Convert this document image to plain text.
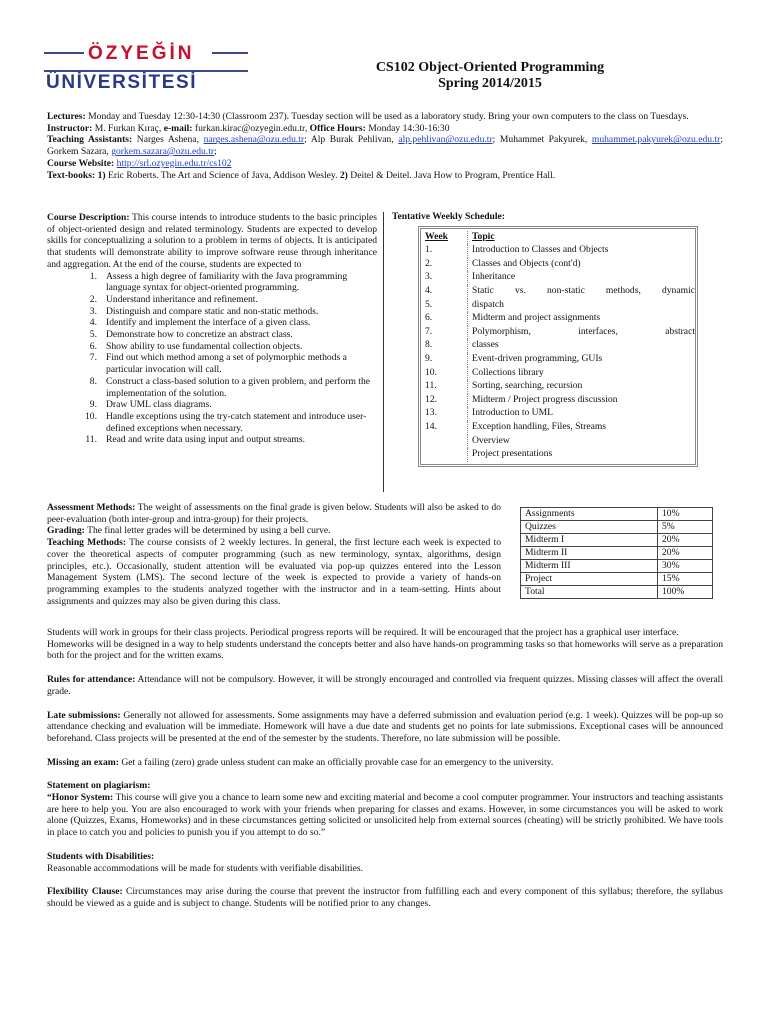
ÖZYEĞİN
ÜNİVERSİTESİ
CS102 Object-Oriented Programming
Spring 2014/2015
Lectures: Monday and Tuesday 12:30-14:30 (Classroom 237). Tuesday section will be used as a laboratory study. Bring your own computers to the class on Tuesdays.
Instructor: M. Furkan Kıraç, e-mail: furkan.kirac@ozyegin.edu.tr, Office Hours: Monday 14:30-16:30
Teaching Assistants: Narges Ashena, narges.ashena@ozu.edu.tr; Alp Burak Pehlivan, alp.pehlivan@ozu.edu.tr; Muhammet Pakyurek, muhammet.pakyurek@ozu.edu.tr; Gorkem Sazara, gorkem.sazara@ozu.edu.tr;
Course Website: http://srl.ozyegin.edu.tr/cs102
Text-books: 1) Eric Roberts. The Art and Science of Java, Addison Wesley. 2) Deitel & Deitel. Java How to Program, Prentice Hall.
Course Description: This course intends to introduce students to the basic principles of object-oriented design and related terminology. Students are expected to develop skills for conceptualizing a solution to a problem in terms of objects. It is anticipated that students will demonstrate ability to improve software reuse through inheritance and aggregation. At the end of the course, students are expected to
1. Assess a high degree of familiarity with the Java programming language syntax for object-oriented programming.
2. Understand inheritance and refinement.
3. Distinguish and compare static and non-static methods.
4. Identify and implement the interface of a given class.
5. Demonstrate how to concretize an abstract class.
6. Show ability to use fundamental collection objects.
7. Find out which method among a set of polymorphic methods a particular invocation will call.
8. Construct a class-based solution to a given problem, and perform the implementation of the solution.
9. Draw UML class diagrams.
10. Handle exceptions using the try-catch statement and introduce user-defined exceptions when necessary.
11. Read and write data using input and output streams.
Tentative Weekly Schedule:
Week	Topic
1.	Introduction to Classes and Objects
2.	Classes and Objects (cont'd)
3.	Inheritance
4.	Static vs. non-static methods, dynamic
5.	dispatch
6.	Midterm and project assignments
7.	Polymorphism, interfaces, abstract
8.	classes
9.	Event-driven programming, GUIs
10.	Collections library
11.	Sorting, searching, recursion
12.	Midterm / Project progress discussion
13.	Introduction to UML
14.	Exception handling, Files, Streams
Overview
Project presentations
Assessment Methods: The weight of assessments on the final grade is given below. Students will also be asked to do peer-evaluation (both inter-group and intra-group) for their projects.
Grading: The final letter grades will be determined by using a bell curve.
Teaching Methods: The course consists of 2 weekly lectures. In general, the first lecture each week is expected to cover the theoretical aspects of computer programming (such as new terminology, syntax, algorithms, design principles, etc.). Occasionally, student attention will be evaluated via pop-up quizzes entered into the Lesson Management System (LMS). The second lecture of the week is expected to provide a variety of hands-on programming examples to the students analyzed together with the instructor and in a team-setting. Hints about assignments and quizzes may also be given during this class.
Assignments	10%
Quizzes	5%
Midterm I	20%
Midterm II	20%
Midterm III	30%
Project	15%
Total	100%
Students will work in groups for their class projects. Periodical progress reports will be required. It will be encouraged that the project has a graphical user interface.
Homeworks will be designed in a way to help students understand the concepts better and also have hands-on programming tasks so that homeworks will serve as a preparation both for the project and for the written exams.
Rules for attendance: Attendance will not be compulsory. However, it will be strongly encouraged and controlled via frequent quizzes. Missing classes will affect the overall grade.
Late submissions: Generally not allowed for assessments. Some assignments may have a deferred submission and evaluation period (e.g. 1 week). Quizzes will be pop-up so attendance checking and evaluation will be immediate. Homework will have a due date and students get no points for late submissions. Exceptional cases will be announced beforehand. Class projects will be presented at the end of the semester by the students. Therefore, no late submission will be possible.
Missing an exam: Get a failing (zero) grade unless student can make an officially provable case for an emergency to the university.
Statement on plagiarism:
“Honor System: This course will give you a chance to learn some new and exciting material and become a cool computer programmer. Your instructors and teaching assistants are here to help you. You are also encouraged to work with your friends when preparing for classes and exams. However, in some circumstances you will be asked to work alone (Quizzes, Exams, Homeworks) and in these circumstances getting solicited or unsolicited help from external sources (cheating) will be strictly prohibited. We have tools in place to catch you and policies to punish you if you attempt to do so.”
Students with Disabilities:
Reasonable accommodations will be made for students with verifiable disabilities.
Flexibility Clause: Circumstances may arise during the course that prevent the instructor from fulfilling each and every component of this syllabus; therefore, the syllabus should be viewed as a guide and is subject to change. Students will be notified prior to any changes.
